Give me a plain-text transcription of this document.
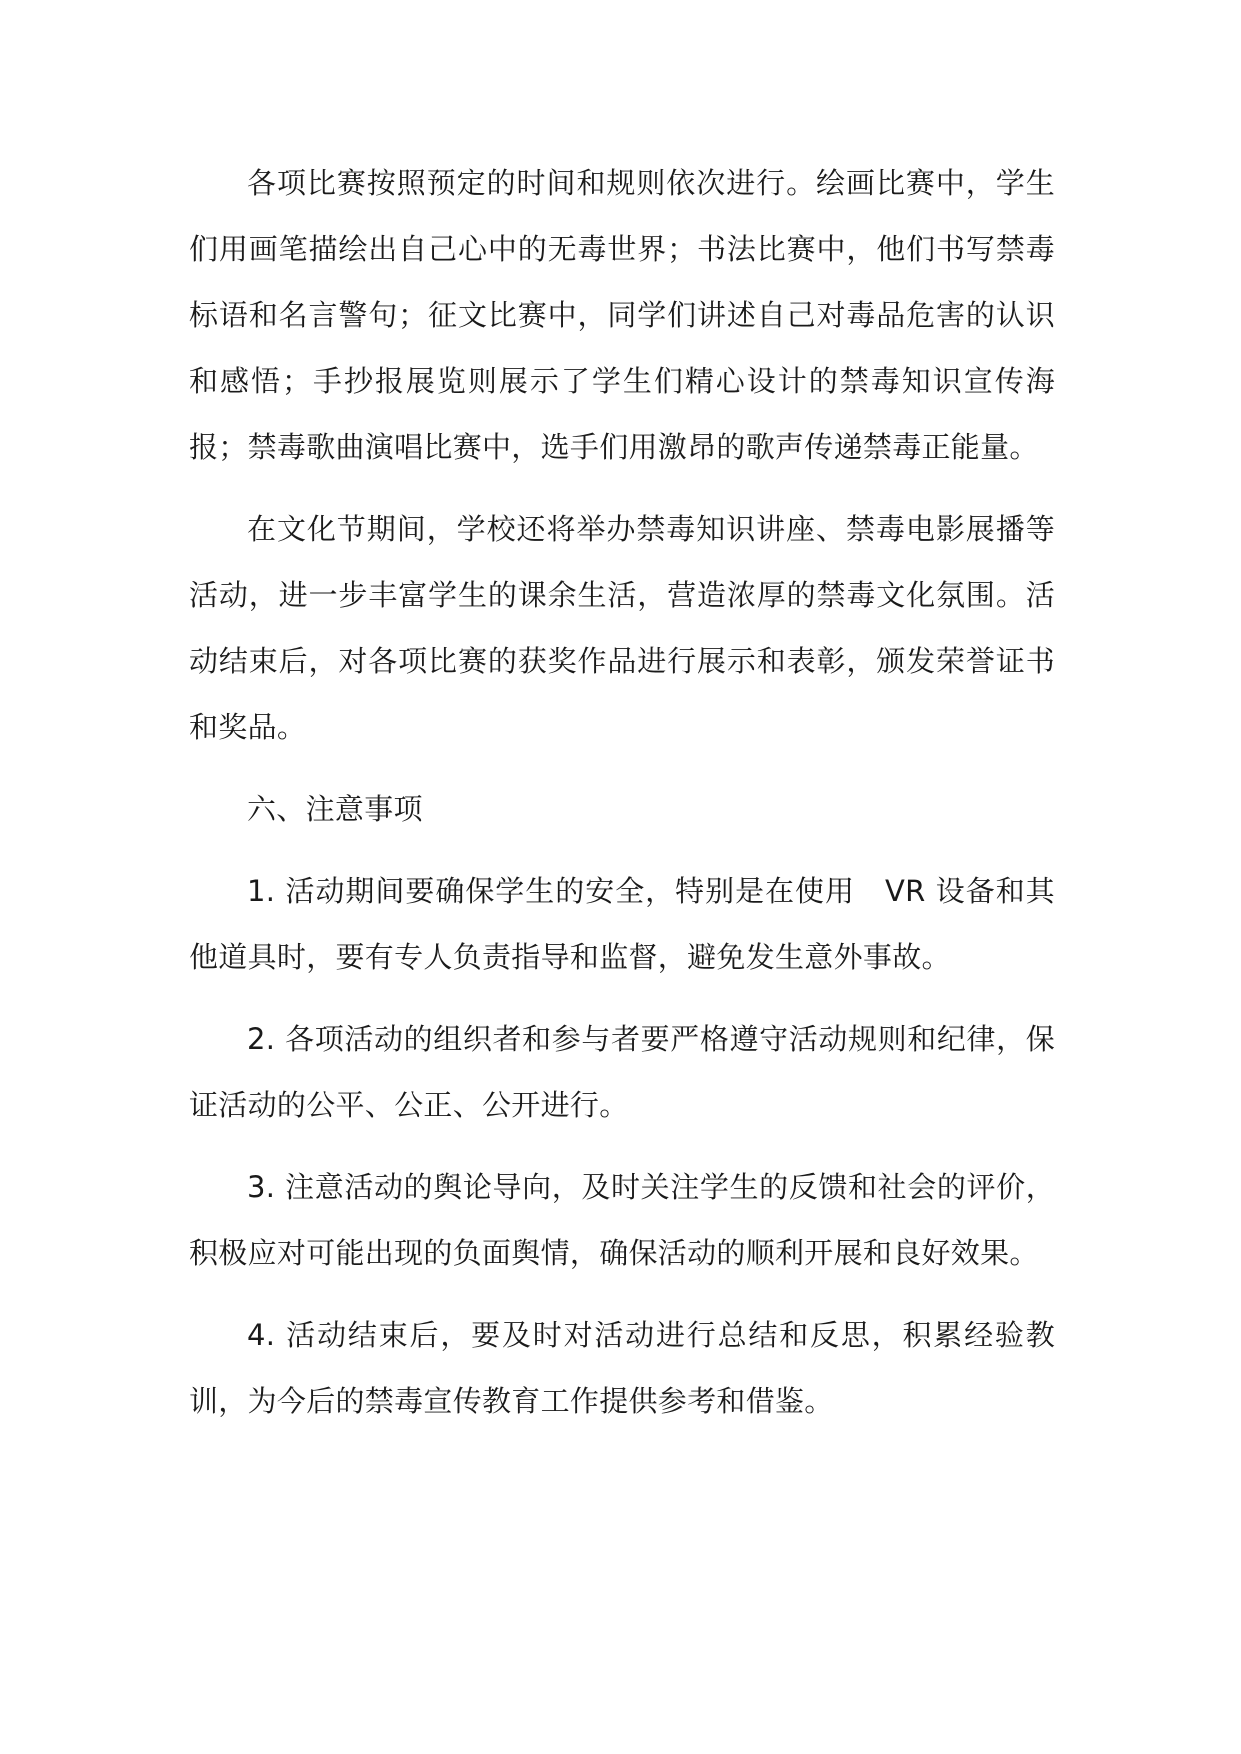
各项比赛按照预定的时间和规则依次进行。绘画比赛中，学生们用画笔描绘出自己心中的无毒世界；书法比赛中，他们书写禁毒标语和名言警句；征文比赛中，同学们讲述自己对毒品危害的认识和感悟；手抄报展览则展示了学生们精心设计的禁毒知识宣传海报；禁毒歌曲演唱比赛中，选手们用激昂的歌声传递禁毒正能量。

在文化节期间，学校还将举办禁毒知识讲座、禁毒电影展播等活动，进一步丰富学生的课余生活，营造浓厚的禁毒文化氛围。活动结束后，对各项比赛的获奖作品进行展示和表彰，颁发荣誉证书和奖品。

六、注意事项

1. 活动期间要确保学生的安全，特别是在使用　VR 设备和其他道具时，要有专人负责指导和监督，避免发生意外事故。

2. 各项活动的组织者和参与者要严格遵守活动规则和纪律，保证活动的公平、公正、公开进行。

3. 注意活动的舆论导向，及时关注学生的反馈和社会的评价，积极应对可能出现的负面舆情，确保活动的顺利开展和良好效果。

4. 活动结束后，要及时对活动进行总结和反思，积累经验教训，为今后的禁毒宣传教育工作提供参考和借鉴。
